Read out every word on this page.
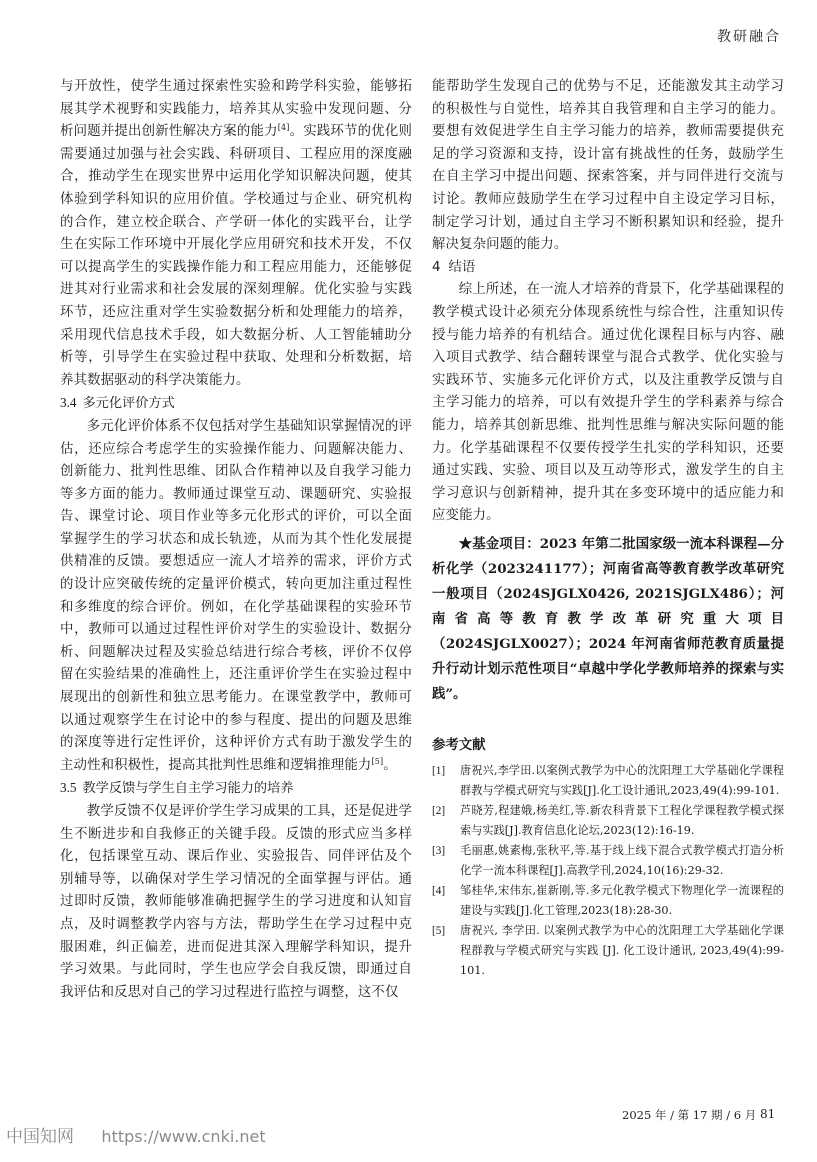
教研融合

与开放性，使学生通过探索性实验和跨学科实验，能够拓展其学术视野和实践能力，培养其从实验中发现问题、分析问题并提出创新性解决方案的能力[4]。实践环节的优化则需要通过加强与社会实践、科研项目、工程应用的深度融合，推动学生在现实世界中运用化学知识解决问题，使其体验到学科知识的应用价值。学校通过与企业、研究机构的合作，建立校企联合、产学研一体化的实践平台，让学生在实际工作环境中开展化学应用研究和技术开发，不仅可以提高学生的实践操作能力和工程应用能力，还能够促进其对行业需求和社会发展的深刻理解。优化实验与实践环节，还应注重对学生实验数据分析和处理能力的培养，采用现代信息技术手段，如大数据分析、人工智能辅助分析等，引导学生在实验过程中获取、处理和分析数据，培养其数据驱动的科学决策能力。

3.4 多元化评价方式

多元化评价体系不仅包括对学生基础知识掌握情况的评估，还应综合考虑学生的实验操作能力、问题解决能力、创新能力、批判性思维、团队合作精神以及自我学习能力等多方面的能力。教师通过课堂互动、课题研究、实验报告、课堂讨论、项目作业等多元化形式的评价，可以全面掌握学生的学习状态和成长轨迹，从而为其个性化发展提供精准的反馈。要想适应一流人才培养的需求，评价方式的设计应突破传统的定量评价模式，转向更加注重过程性和多维度的综合评价。例如，在化学基础课程的实验环节中，教师可以通过过程性评价对学生的实验设计、数据分析、问题解决过程及实验总结进行综合考核，评价不仅停留在实验结果的准确性上，还注重评价学生在实验过程中展现出的创新性和独立思考能力。在课堂教学中，教师可以通过观察学生在讨论中的参与程度、提出的问题及思维的深度等进行定性评价，这种评价方式有助于激发学生的主动性和积极性，提高其批判性思维和逻辑推理能力[5]。

3.5 教学反馈与学生自主学习能力的培养

教学反馈不仅是评价学生学习成果的工具，还是促进学生不断进步和自我修正的关键手段。反馈的形式应当多样化，包括课堂互动、课后作业、实验报告、同伴评估及个别辅导等，以确保对学生学习情况的全面掌握与评估。通过即时反馈，教师能够准确把握学生的学习进度和认知盲点，及时调整教学内容与方法，帮助学生在学习过程中克服困难，纠正偏差，进而促进其深入理解学科知识，提升学习效果。与此同时，学生也应学会自我反馈，即通过自我评估和反思对自己的学习过程进行监控与调整，这不仅

能帮助学生发现自己的优势与不足，还能激发其主动学习的积极性与自觉性，培养其自我管理和自主学习的能力。要想有效促进学生自主学习能力的培养，教师需要提供充足的学习资源和支持，设计富有挑战性的任务，鼓励学生在自主学习中提出问题、探索答案，并与同伴进行交流与讨论。教师应鼓励学生在学习过程中自主设定学习目标，制定学习计划，通过自主学习不断积累知识和经验，提升解决复杂问题的能力。

4 结语

综上所述，在一流人才培养的背景下，化学基础课程的教学模式设计必须充分体现系统性与综合性，注重知识传授与能力培养的有机结合。通过优化课程目标与内容、融入项目式教学、结合翻转课堂与混合式教学、优化实验与实践环节、实施多元化评价方式，以及注重教学反馈与自主学习能力的培养，可以有效提升学生的学科素养与综合能力，培养其创新思维、批判性思维与解决实际问题的能力。化学基础课程不仅要传授学生扎实的学科知识，还要通过实践、实验、项目以及互动等形式，激发学生的自主学习意识与创新精神，提升其在多变环境中的适应能力和应变能力。

★基金项目：2023 年第二批国家级一流本科课程—分析化学（2023241177）；河南省高等教育教学改革研究一般项目（2024SJGLX0426, 2021SJGLX486）；河南省高等教育教学改革研究重大项目（2024SJGLX0027）；2024 年河南省师范教育质量提升行动计划示范性项目“卓越中学化学教师培养的探索与实践”。

参考文献
[1]	唐祝兴,李学田.以案例式教学为中心的沈阳理工大学基础化学课程群教与学模式研究与实践[J].化工设计通讯,2023,49(4):99-101.
[2]	芦晓芳,程建娥,杨美红,等.新农科背景下工程化学课程教学模式探索与实践[J].教育信息化论坛,2023(12):16-19.
[3]	毛丽惠,姚素梅,张秋平,等.基于线上线下混合式教学模式打造分析化学一流本科课程[J].高教学刊,2024,10(16):29-32.
[4]	邹桂华,宋伟东,崔新刚,等.多元化教学模式下物理化学一流课程的建设与实践[J].化工管理,2023(18):28-30.
[5]	唐祝兴, 李学田. 以案例式教学为中心的沈阳理工大学基础化学课程群教与学模式研究与实践 [J]. 化工设计通讯, 2023,49(4):99-101.
2025 年 / 第 17 期 / 6 月 81
中国知网 https://www.cnki.net
